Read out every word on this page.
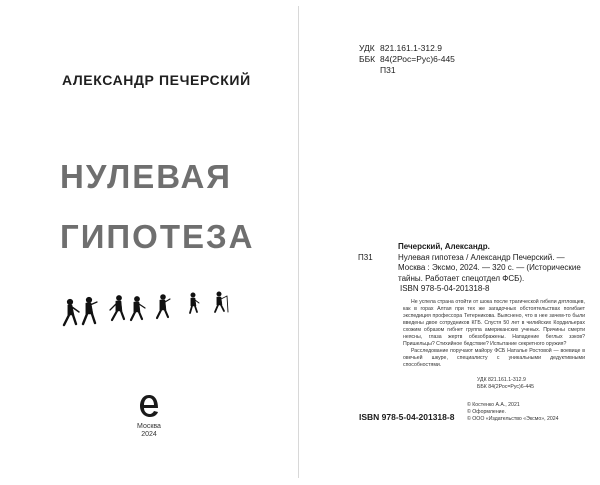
АЛЕКСАНДР ПЕЧЕРСКИЙ
НУЛЕВАЯ
ГИПОТЕЗА
Москва
2024
УДК 821.161.1-312.9
ББК 84(2Рос=Рус)6-445
П31
П31
Печерский, Александр.
Нулевая гипотеза / Александр Печерский. — Москва : Эксмо, 2024. — 320 с. — (Исторические тайны. Работает спецотдел ФСБ).
ISBN 978-5-04-201318-8

Не успела страна отойти от шока после трагической гибели дятловцев, как в горах Алтая при тех же загадочных обстоятельствах погибает экспедиция профессора Тетерникова. Выяснено, что в нее зачем-то были введены двое сотрудников КГБ. Спустя 50 лет в чилийских Кордильерах схожим образом гибнет группа американских ученых. Причины смерти неясны, глаза жертв обезображены. Нападение беглых зэков? Пришельцы? Стихийное бедствие? Испытание секретного оружия?

Расследование поручают майору ФСБ Наталье Ростовой — воевице в овечьей шкуре, специалисту с уникальными дедуктивными способностями.

УДК 821.161.1-312.9
ББК 84(2Рос=Рус)6-445
ISBN 978-5-04-201318-8
© Костенко А.А., 2021
© Оформление.
© ООО «Издательство «Эксмо», 2024
